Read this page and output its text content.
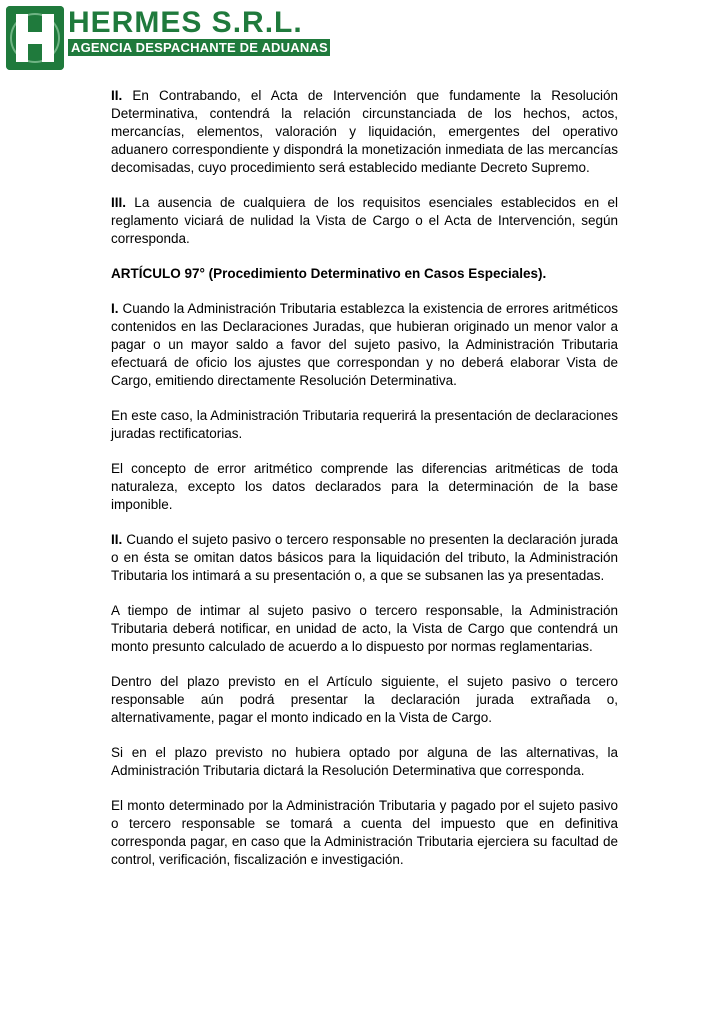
HERMES S.R.L.
AGENCIA DESPACHANTE DE ADUANAS

II. En Contrabando, el Acta de Intervención que fundamente la Resolución Determinativa, contendrá la relación circunstanciada de los hechos, actos, mercancías, elementos, valoración y liquidación, emergentes del operativo aduanero correspondiente y dispondrá la monetización inmediata de las mercancías decomisadas, cuyo procedimiento será establecido mediante Decreto Supremo.

III. La ausencia de cualquiera de los requisitos esenciales establecidos en el reglamento viciará de nulidad la Vista de Cargo o el Acta de Intervención, según corresponda.

ARTÍCULO 97° (Procedimiento Determinativo en Casos Especiales).

I. Cuando la Administración Tributaria establezca la existencia de errores aritméticos contenidos en las Declaraciones Juradas, que hubieran originado un menor valor a pagar o un mayor saldo a favor del sujeto pasivo, la Administración Tributaria efectuará de oficio los ajustes que correspondan y no deberá elaborar Vista de Cargo, emitiendo directamente Resolución Determinativa.

En este caso, la Administración Tributaria requerirá la presentación de declaraciones juradas rectificatorias.

El concepto de error aritmético comprende las diferencias aritméticas de toda naturaleza, excepto los datos declarados para la determinación de la base imponible.

II. Cuando el sujeto pasivo o tercero responsable no presenten la declaración jurada o en ésta se omitan datos básicos para la liquidación del tributo, la Administración Tributaria los intimará a su presentación o, a que se subsanen las ya presentadas.

A tiempo de intimar al sujeto pasivo o tercero responsable, la Administración Tributaria deberá notificar, en unidad de acto, la Vista de Cargo que contendrá un monto presunto calculado de acuerdo a lo dispuesto por normas reglamentarias.

Dentro del plazo previsto en el Artículo siguiente, el sujeto pasivo o tercero responsable aún podrá presentar la declaración jurada extrañada o, alternativamente, pagar el monto indicado en la Vista de Cargo.

Si en el plazo previsto no hubiera optado por alguna de las alternativas, la Administración Tributaria dictará la Resolución Determinativa que corresponda.

El monto determinado por la Administración Tributaria y pagado por el sujeto pasivo o tercero responsable se tomará a cuenta del impuesto que en definitiva corresponda pagar, en caso que la Administración Tributaria ejerciera su facultad de control, verificación, fiscalización e investigación.
